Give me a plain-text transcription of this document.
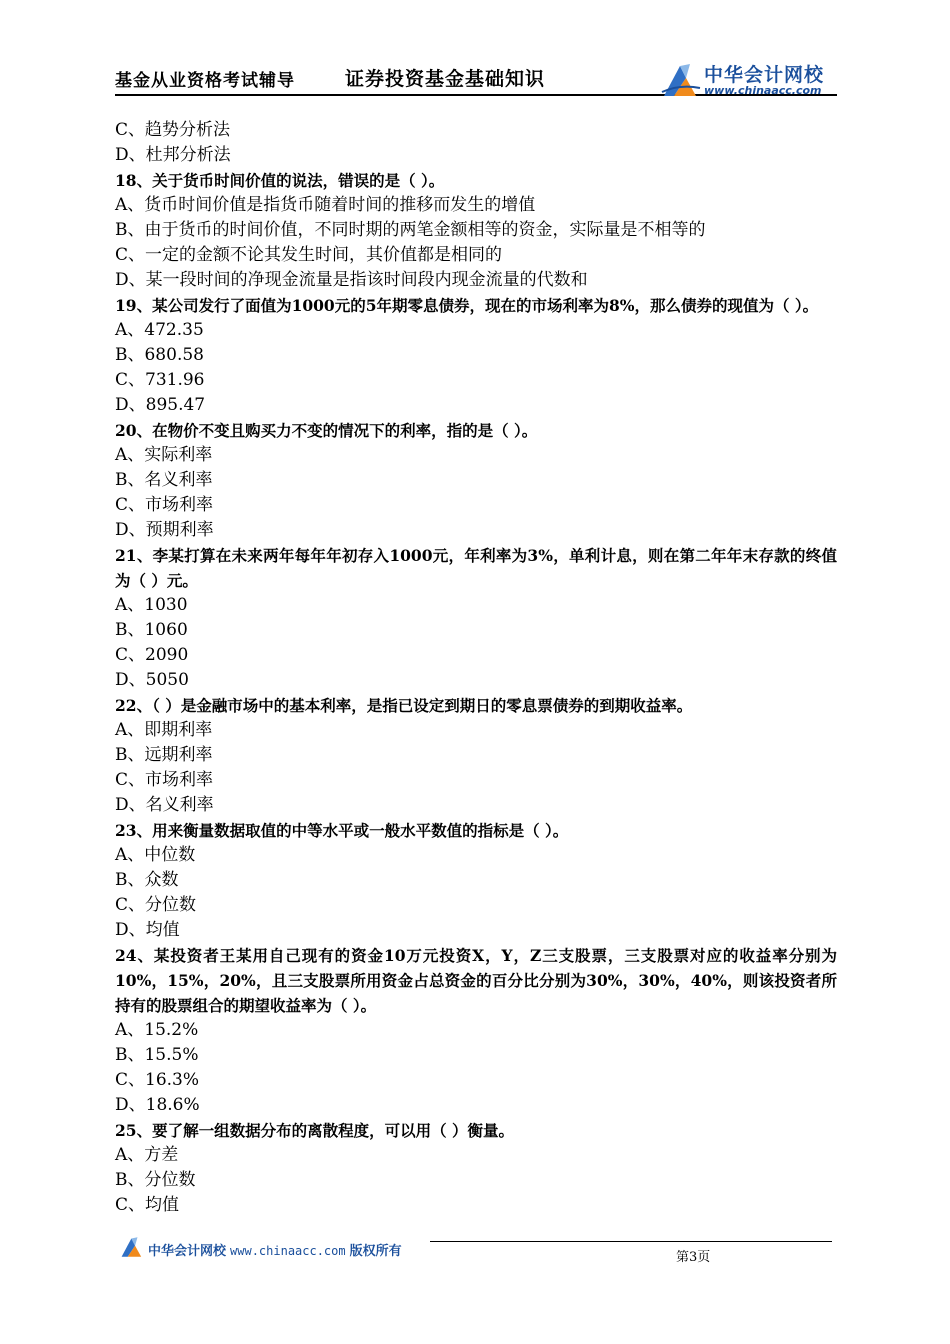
基金从业资格考试辅导	证券投资基金基础知识	中华会计网校
www.chinaacc.com
C、趋势分析法
D、杜邦分析法
18、关于货币时间价值的说法，错误的是（ ）。
A、货币时间价值是指货币随着时间的推移而发生的增值
B、由于货币的时间价值，不同时期的两笔金额相等的资金，实际量是不相等的
C、一定的金额不论其发生时间，其价值都是相同的
D、某一段时间的净现金流量是指该时间段内现金流量的代数和
19、某公司发行了面值为1000元的5年期零息债券，现在的市场利率为8%，那么债券的现值为（ ）。
A、472.35
B、680.58
C、731.96
D、895.47
20、在物价不变且购买力不变的情况下的利率，指的是（ ）。
A、实际利率
B、名义利率
C、市场利率
D、预期利率
21、李某打算在未来两年每年年初存入1000元，年利率为3%，单利计息，则在第二年年末存款的终值为（ ）元。
A、1030
B、1060
C、2090
D、5050
22、（ ）是金融市场中的基本利率，是指已设定到期日的零息票债券的到期收益率。
A、即期利率
B、远期利率
C、市场利率
D、名义利率
23、用来衡量数据取值的中等水平或一般水平数值的指标是（ ）。
A、中位数
B、众数
C、分位数
D、均值
24、某投资者王某用自己现有的资金10万元投资X，Y，Z三支股票，三支股票对应的收益率分别为10%，15%，20%，且三支股票所用资金占总资金的百分比分别为30%，30%，40%，则该投资者所持有的股票组合的期望收益率为（ ）。
A、15.2%
B、15.5%
C、16.3%
D、18.6%
25、要了解一组数据分布的离散程度，可以用（ ）衡量。
A、方差
B、分位数
C、均值
中华会计网校 www.chinaacc.com 版权所有	第3页
